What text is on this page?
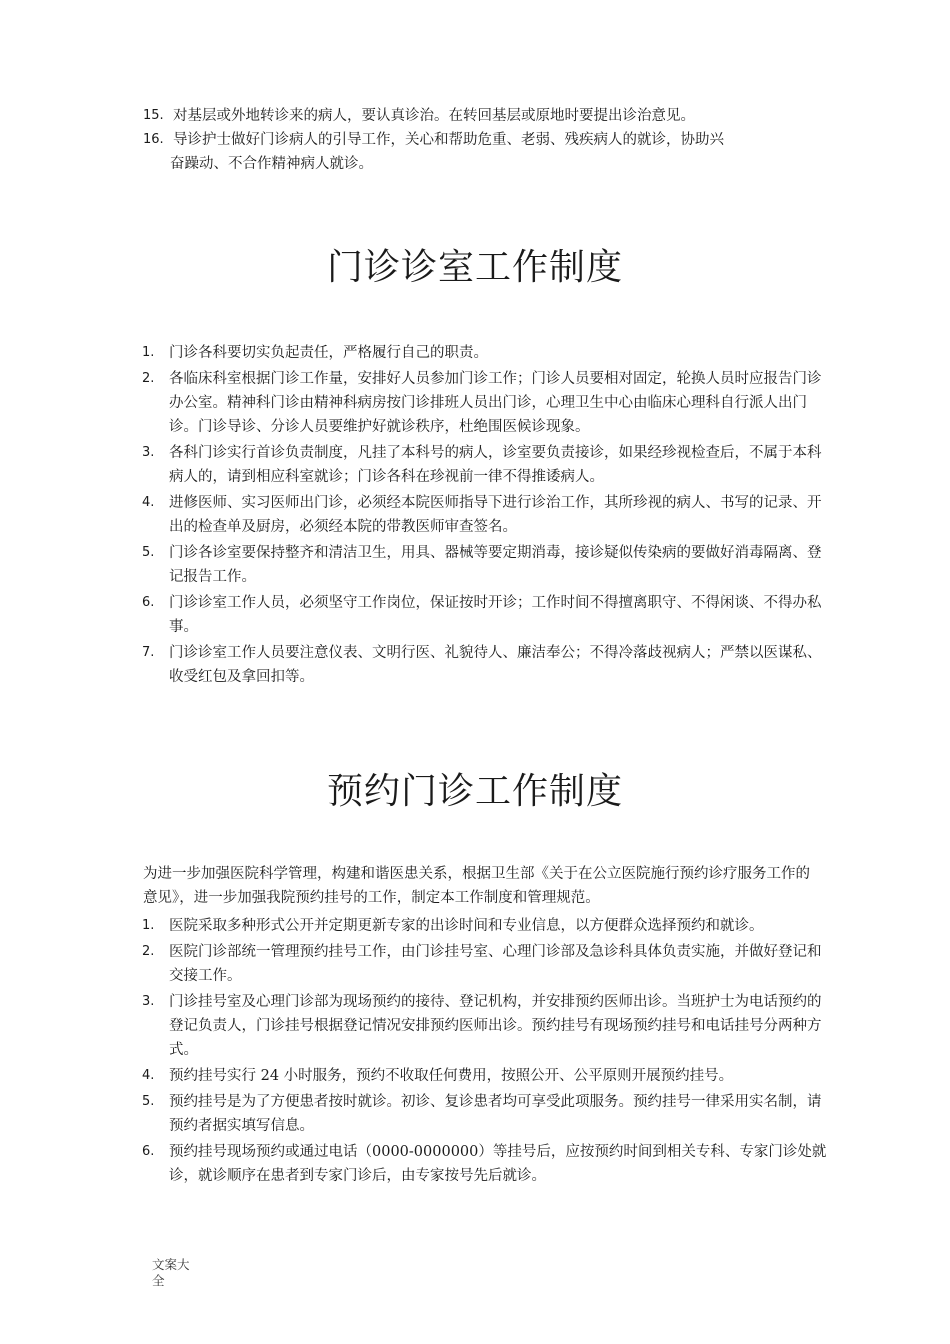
15. 对基层或外地转诊来的病人，要认真诊治。在转回基层或原地时要提出诊治意见。
16. 导诊护士做好门诊病人的引导工作，关心和帮助危重、老弱、残疾病人的就诊，协助兴
奋躁动、不合作精神病人就诊。
门诊诊室工作制度
1.	门诊各科要切实负起责任，严格履行自己的职责。
2.	各临床科室根据门诊工作量，安排好人员参加门诊工作；门诊人员要相对固定，轮换人员时应报告门诊办公室。精神科门诊由精神科病房按门诊排班人员出门诊，心理卫生中心由临床心理科自行派人出门诊。门诊导诊、分诊人员要维护好就诊秩序，杜绝围医候诊现象。
3.	各科门诊实行首诊负责制度，凡挂了本科号的病人，诊室要负责接诊，如果经珍视检查后，不属于本科病人的，请到相应科室就诊；门诊各科在珍视前一律不得推诿病人。
4.	进修医师、实习医师出门诊，必须经本院医师指导下进行诊治工作，其所珍视的病人、书写的记录、开出的检查单及厨房，必须经本院的带教医师审查签名。
5.	门诊各诊室要保持整齐和清洁卫生，用具、器械等要定期消毒，接诊疑似传染病的要做好消毒隔离、登记报告工作。
6.	门诊诊室工作人员，必须坚守工作岗位，保证按时开诊；工作时间不得擅离职守、不得闲谈、不得办私事。
7.	门诊诊室工作人员要注意仪表、文明行医、礼貌待人、廉洁奉公；不得冷落歧视病人；严禁以医谋私、收受红包及拿回扣等。
预约门诊工作制度

为进一步加强医院科学管理，构建和谐医患关系，根据卫生部《关于在公立医院施行预约诊疗服务工作的意见》，进一步加强我院预约挂号的工作，制定本工作制度和管理规范。

1.	医院采取多种形式公开并定期更新专家的出诊时间和专业信息，以方便群众选择预约和就诊。
2.	医院门诊部统一管理预约挂号工作，由门诊挂号室、心理门诊部及急诊科具体负责实施，并做好登记和交接工作。
3.	门诊挂号室及心理门诊部为现场预约的接待、登记机构，并安排预约医师出诊。当班护士为电话预约的登记负责人，门诊挂号根据登记情况安排预约医师出诊。预约挂号有现场预约挂号和电话挂号分两种方式。
4.	预约挂号实行 24 小时服务，预约不收取任何费用，按照公开、公平原则开展预约挂号。
5.	预约挂号是为了方便患者按时就诊。初诊、复诊患者均可享受此项服务。预约挂号一律采用实名制，请预约者据实填写信息。
6.	预约挂号现场预约或通过电话（0000-0000000）等挂号后，应按预约时间到相关专科、专家门诊处就诊，就诊顺序在患者到专家门诊后，由专家按号先后就诊。
文案大全
